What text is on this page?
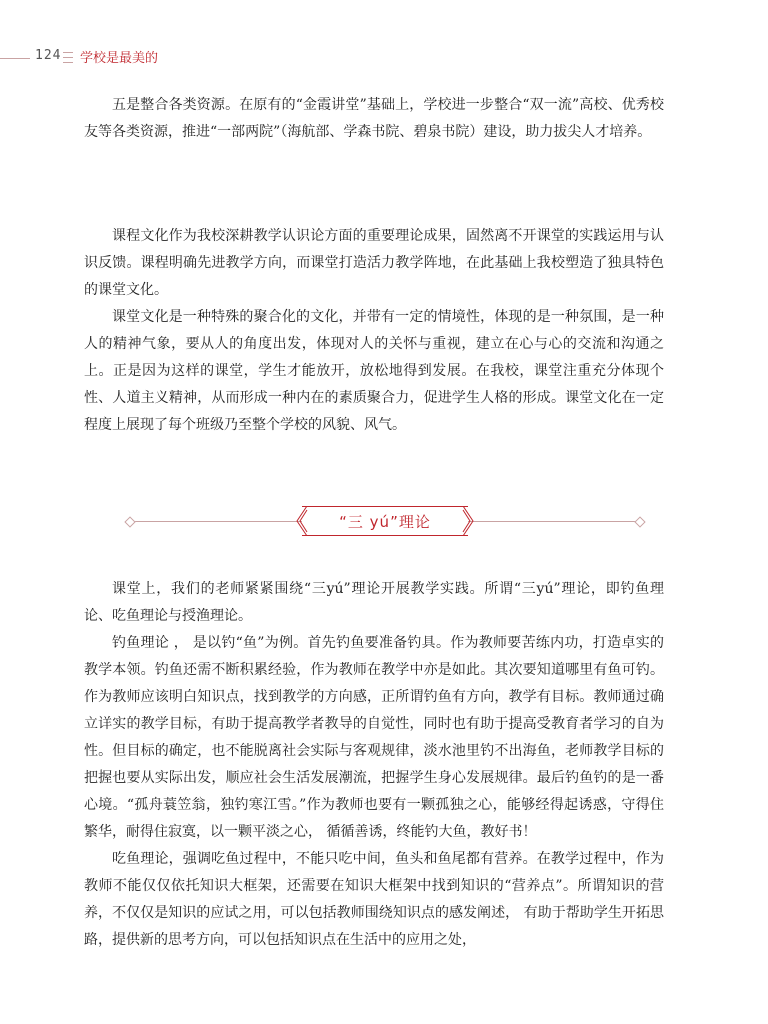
124 学校是最美的

五是整合各类资源。在原有的“金霞讲堂”基础上，学校进一步整合“双一流”高校、优秀校友等各类资源，推进“一部两院”（海航部、学森书院、碧泉书院）建设，助力拔尖人才培养。

课程文化作为我校深耕教学认识论方面的重要理论成果，固然离不开课堂的实践运用与认识反馈。课程明确先进教学方向，而课堂打造活力教学阵地，在此基础上我校塑造了独具特色的课堂文化。

课堂文化是一种特殊的聚合化的文化，并带有一定的情境性，体现的是一种氛围，是一种人的精神气象，要从人的角度出发，体现对人的关怀与重视，建立在心与心的交流和沟通之上。正是因为这样的课堂，学生才能放开，放松地得到发展。在我校，课堂注重充分体现个性、人道主义精神，从而形成一种内在的素质聚合力，促进学生人格的形成。课堂文化在一定程度上展现了每个班级乃至整个学校的风貌、风气。

“三 yú”理论

课堂上，我们的老师紧紧围绕“三yú”理论开展教学实践。所谓“三yú”理论，即钓鱼理论、吃鱼理论与授渔理论。

钓鱼理论 ， 是以钓“鱼”为例。首先钓鱼要准备钓具。作为教师要苦练内功，打造卓实的教学本领。钓鱼还需不断积累经验，作为教师在教学中亦是如此。其次要知道哪里有鱼可钓。作为教师应该明白知识点，找到教学的方向感，正所谓钓鱼有方向，教学有目标。教师通过确立详实的教学目标，有助于提高教学者教导的自觉性，同时也有助于提高受教育者学习的自为性。但目标的确定，也不能脱离社会实际与客观规律，淡水池里钓不出海鱼，老师教学目标的把握也要从实际出发，顺应社会生活发展潮流，把握学生身心发展规律。最后钓鱼钓的是一番心境。“孤舟蓑笠翁，独钓寒江雪。”作为教师也要有一颗孤独之心，能够经得起诱惑，守得住繁华，耐得住寂寞，以一颗平淡之心， 循循善诱，终能钓大鱼，教好书！

吃鱼理论，强调吃鱼过程中，不能只吃中间，鱼头和鱼尾都有营养。在教学过程中，作为教师不能仅仅依托知识大框架，还需要在知识大框架中找到知识的“营养点”。所谓知识的营养，不仅仅是知识的应试之用，可以包括教师围绕知识点的感发阐述， 有助于帮助学生开拓思路，提供新的思考方向，可以包括知识点在生活中的应用之处，
